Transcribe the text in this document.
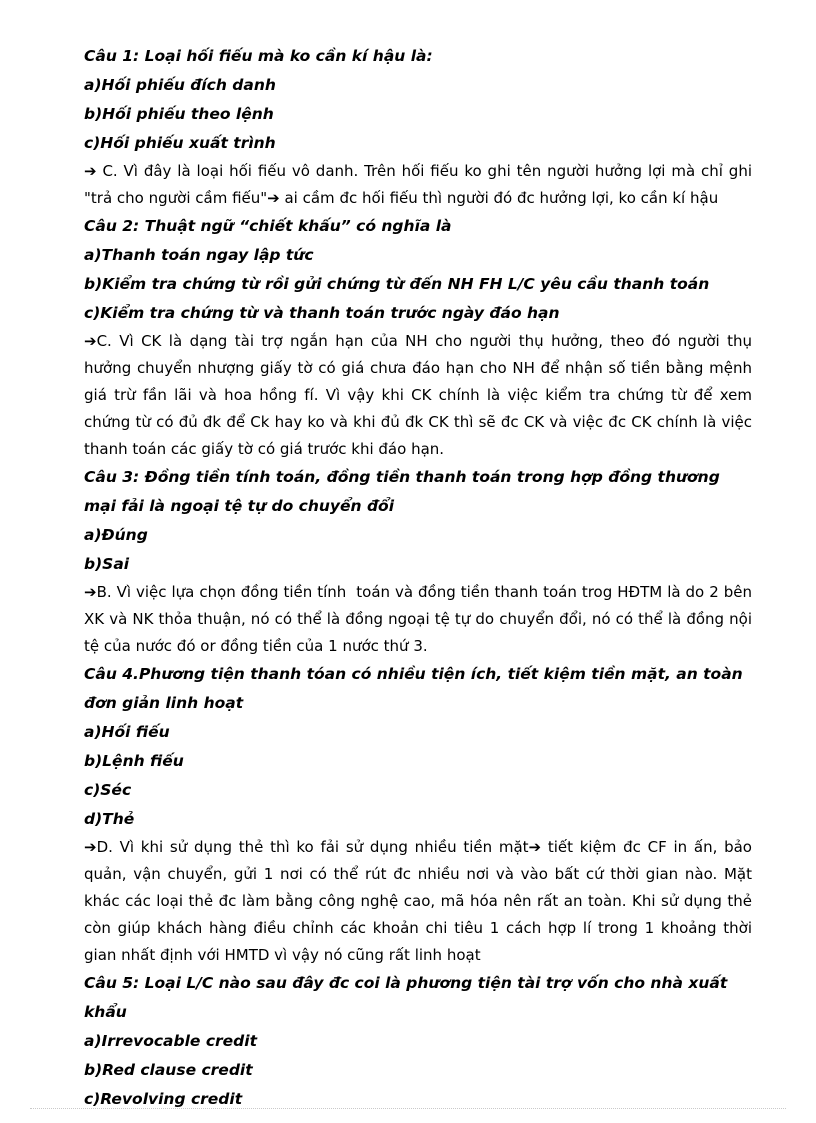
Câu 1: Loại hối fiếu mà ko cần kí hậu là:

a)Hối phiếu đích danh

b)Hối phiếu theo lệnh

c)Hối phiếu xuất trình

➔ C. Vì đây là loại hối fiếu vô danh. Trên hối fiếu ko ghi tên người hưởng lợi mà chỉ ghi "trả cho người cầm fiếu"➔ ai cầm đc hối fiếu thì người đó đc hưởng lợi, ko cần kí hậu

Câu 2: Thuật ngữ “chiết khấu” có nghĩa là

a)Thanh toán ngay lập tức

b)Kiểm tra chứng từ rồi gửi chứng từ đến NH FH L/C yêu cầu thanh toán

c)Kiểm tra chứng từ và thanh toán trước ngày đáo hạn

➔C. Vì CK là dạng tài trợ ngắn hạn của NH cho người thụ hưởng, theo đó người thụ hưởng chuyển nhượng giấy tờ có giá chưa đáo hạn cho NH để nhận số tiền bằng mệnh giá trừ fần lãi và hoa hồng fí. Vì vậy khi CK chính là việc kiểm tra chứng từ để xem chứng từ có đủ đk để Ck hay ko và khi đủ đk CK thì sẽ đc CK và việc đc CK chính là việc thanh toán các giấy tờ có giá trước khi đáo hạn.

Câu 3: Đồng tiền tính toán, đồng tiền thanh toán trong hợp đồng thương mại fải là ngoại tệ tự do chuyển đổi

a)Đúng

b)Sai

➔B. Vì việc lựa chọn đồng tiền tính  toán và đồng tiền thanh toán trog HĐTM là do 2 bên XK và NK thỏa thuận, nó có thể là đồng ngoại tệ tự do chuyển đổi, nó có thể là đồng nội tệ của nước đó or đồng tiền của 1 nước thứ 3.

Câu 4.Phương tiện thanh tóan có nhiều tiện ích, tiết kiệm tiền mặt, an toàn đơn giản linh hoạt

a)Hối fiếu

b)Lệnh fiếu

c)Séc

d)Thẻ

➔D. Vì khi sử dụng thẻ thì ko fải sử dụng nhiều tiền mặt➔ tiết kiệm đc CF in ấn, bảo quản, vận chuyển, gửi 1 nơi có thể rút đc nhiều nơi và vào bất cứ thời gian nào. Mặt khác các loại thẻ đc làm bằng công nghệ cao, mã hóa nên rất an toàn. Khi sử dụng thẻ còn giúp khách hàng điều chỉnh các khoản chi tiêu 1 cách hợp lí trong 1 khoảng thời gian nhất định với HMTD vì vậy nó cũng rất linh hoạt

Câu 5: Loại L/C nào sau đây đc coi là phương tiện tài trợ vốn cho nhà xuất khẩu

a)Irrevocable credit

b)Red clause credit

c)Revolving credit
